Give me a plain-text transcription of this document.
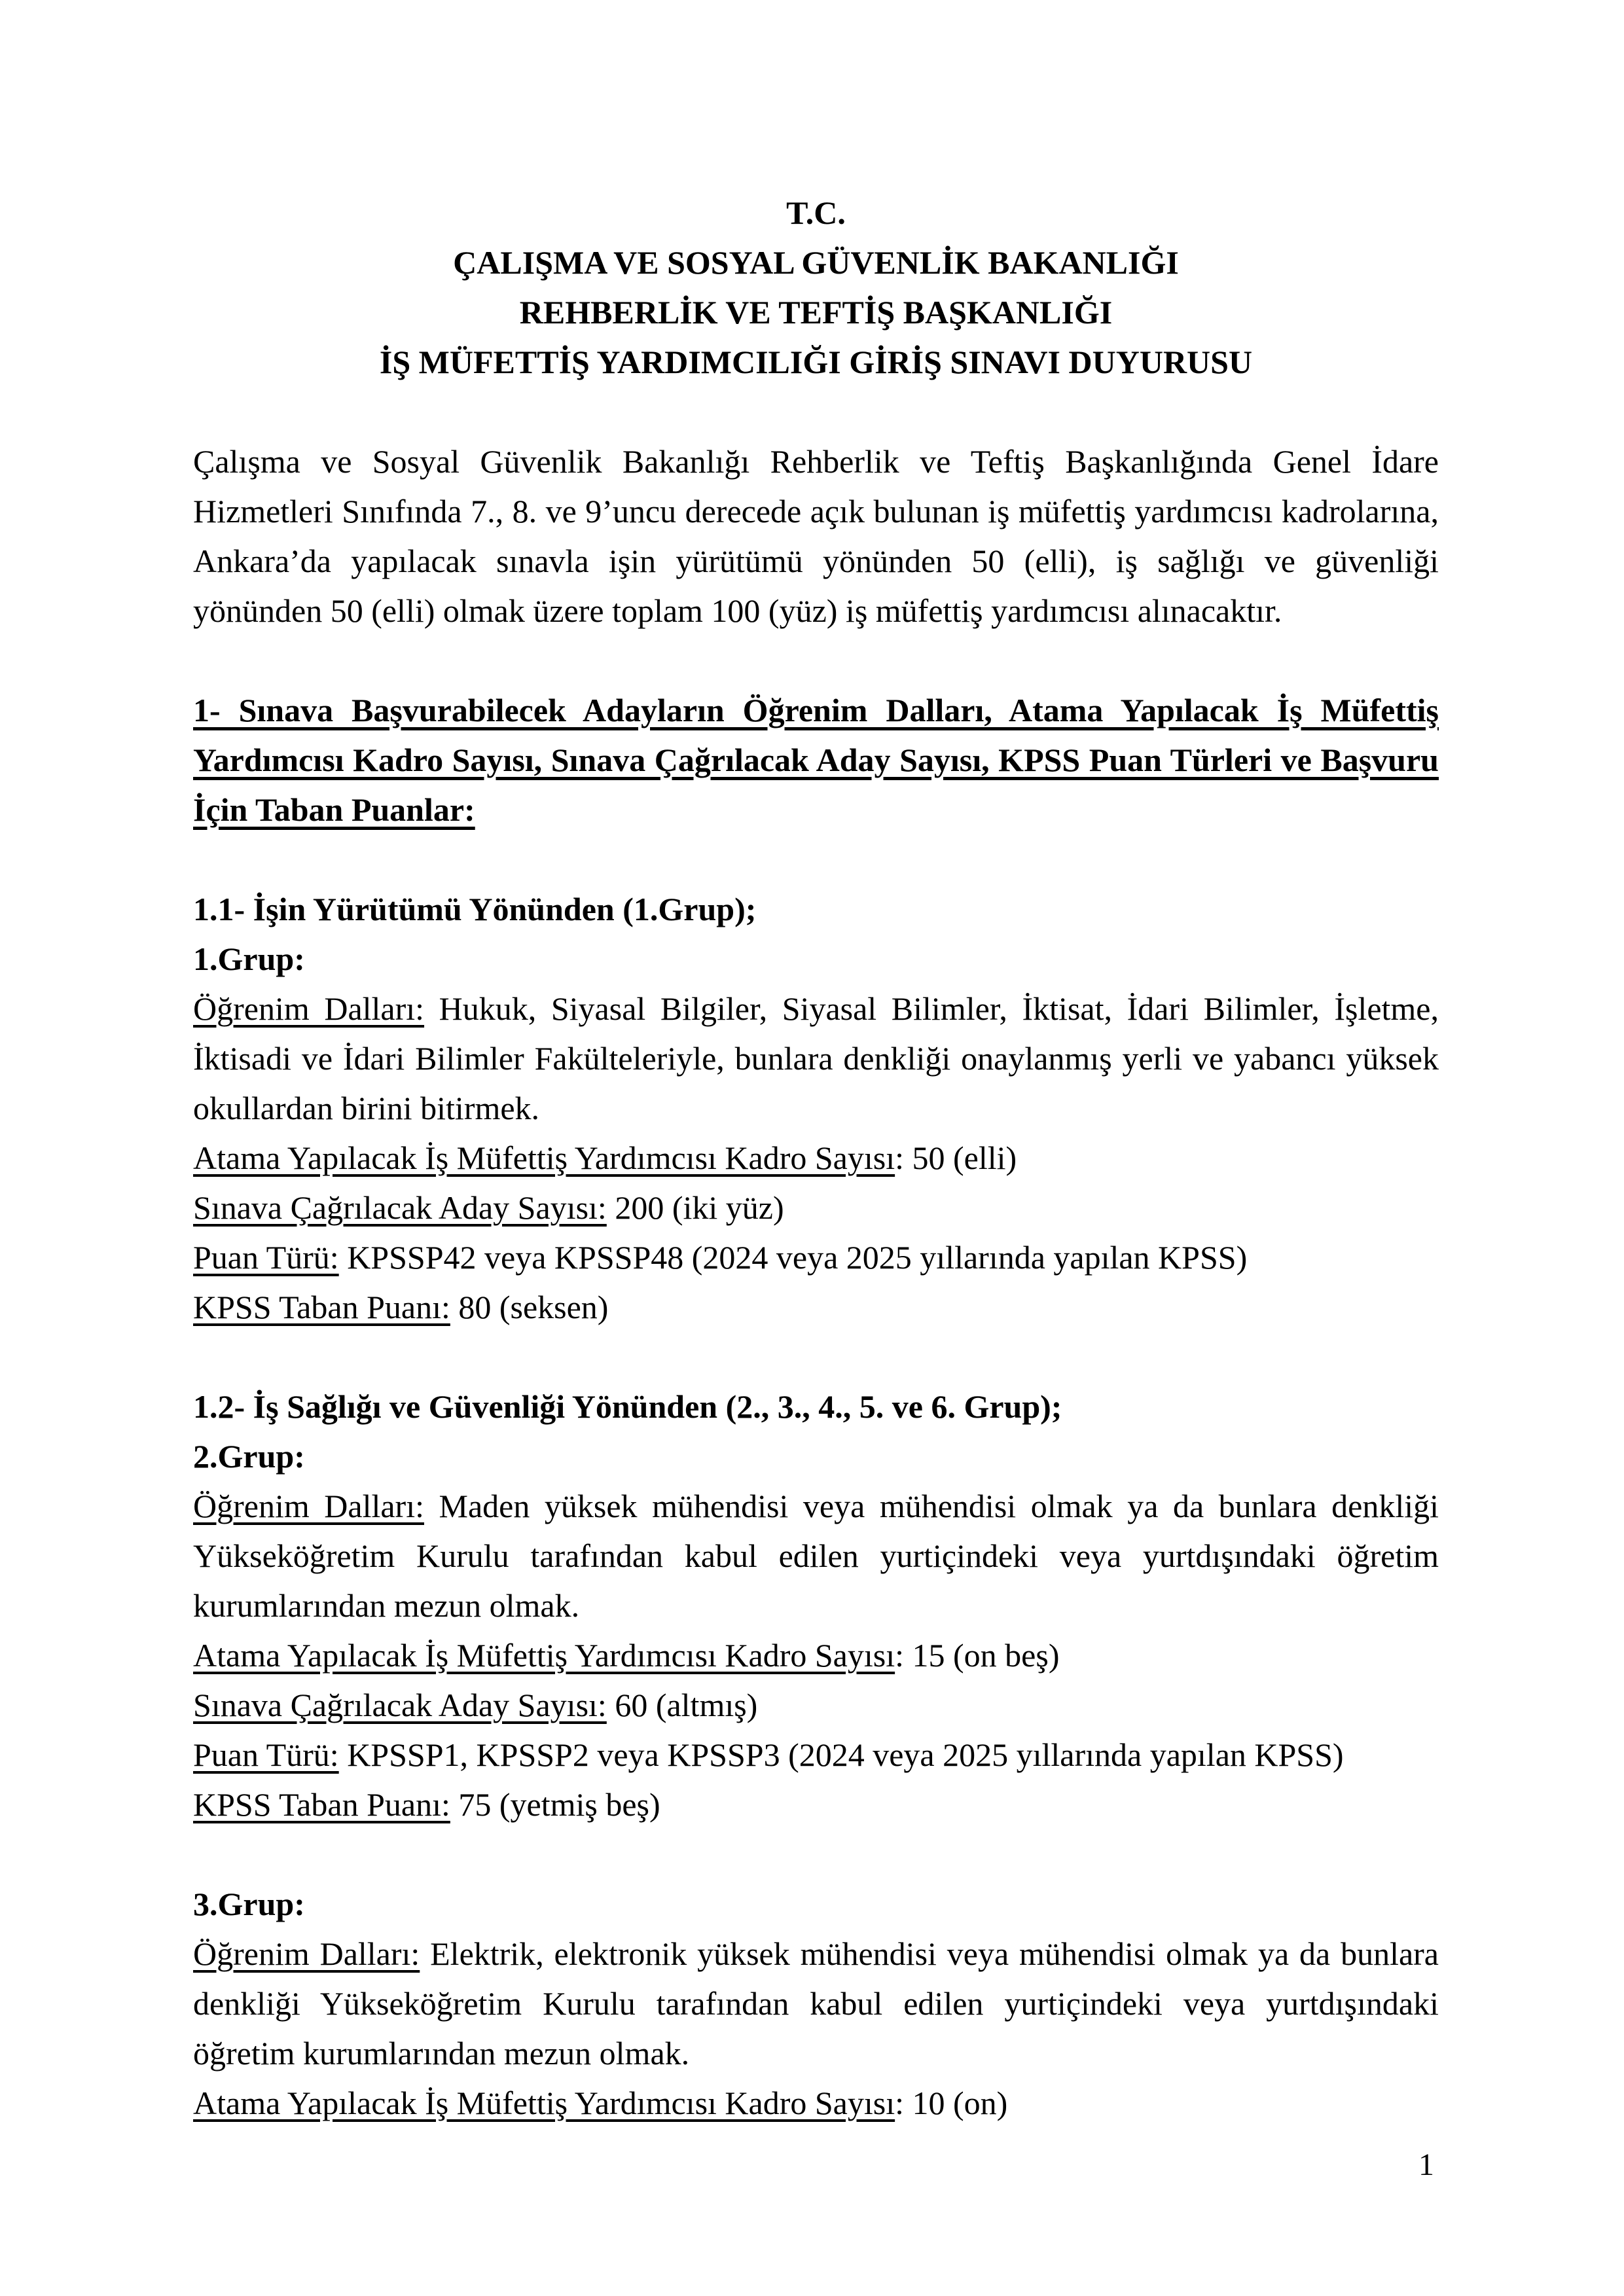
T.C.
ÇALIŞMA VE SOSYAL GÜVENLİK BAKANLIĞI
REHBERLİK VE TEFTİŞ BAŞKANLIĞI
İŞ MÜFETTİŞ YARDIMCILIĞI GİRİŞ SINAVI DUYURUSU

Çalışma ve Sosyal Güvenlik Bakanlığı Rehberlik ve Teftiş Başkanlığında Genel İdare Hizmetleri Sınıfında 7., 8. ve 9’uncu derecede açık bulunan iş müfettiş yardımcısı kadrolarına, Ankara’da yapılacak sınavla işin yürütümü yönünden 50 (elli), iş sağlığı ve güvenliği yönünden 50 (elli) olmak üzere toplam 100 (yüz) iş müfettiş yardımcısı alınacaktır.

1- Sınava Başvurabilecek Adayların Öğrenim Dalları, Atama Yapılacak İş Müfettiş Yardımcısı Kadro Sayısı, Sınava Çağrılacak Aday Sayısı, KPSS Puan Türleri ve Başvuru İçin Taban Puanlar:

1.1- İşin Yürütümü Yönünden (1.Grup);

1.Grup:

Öğrenim Dalları: Hukuk, Siyasal Bilgiler, Siyasal Bilimler, İktisat, İdari Bilimler, İşletme, İktisadi ve İdari Bilimler Fakülteleriyle, bunlara denkliği onaylanmış yerli ve yabancı yüksek okullardan birini bitirmek.

Atama Yapılacak İş Müfettiş Yardımcısı Kadro Sayısı: 50 (elli)

Sınava Çağrılacak Aday Sayısı: 200 (iki yüz)

Puan Türü: KPSSP42 veya KPSSP48 (2024 veya 2025 yıllarında yapılan KPSS)

KPSS Taban Puanı: 80 (seksen)

1.2- İş Sağlığı ve Güvenliği Yönünden (2., 3., 4., 5. ve 6. Grup);

2.Grup:

Öğrenim Dalları: Maden yüksek mühendisi veya mühendisi olmak ya da bunlara denkliği Yükseköğretim Kurulu tarafından kabul edilen yurtiçindeki veya yurtdışındaki öğretim kurumlarından mezun olmak.

Atama Yapılacak İş Müfettiş Yardımcısı Kadro Sayısı: 15 (on beş)

Sınava Çağrılacak Aday Sayısı: 60 (altmış)

Puan Türü: KPSSP1, KPSSP2 veya KPSSP3 (2024 veya 2025 yıllarında yapılan KPSS)

KPSS Taban Puanı: 75 (yetmiş beş)

3.Grup:

Öğrenim Dalları: Elektrik, elektronik yüksek mühendisi veya mühendisi olmak ya da bunlara denkliği Yükseköğretim Kurulu tarafından kabul edilen yurtiçindeki veya yurtdışındaki öğretim kurumlarından mezun olmak.

Atama Yapılacak İş Müfettiş Yardımcısı Kadro Sayısı: 10 (on)

1
